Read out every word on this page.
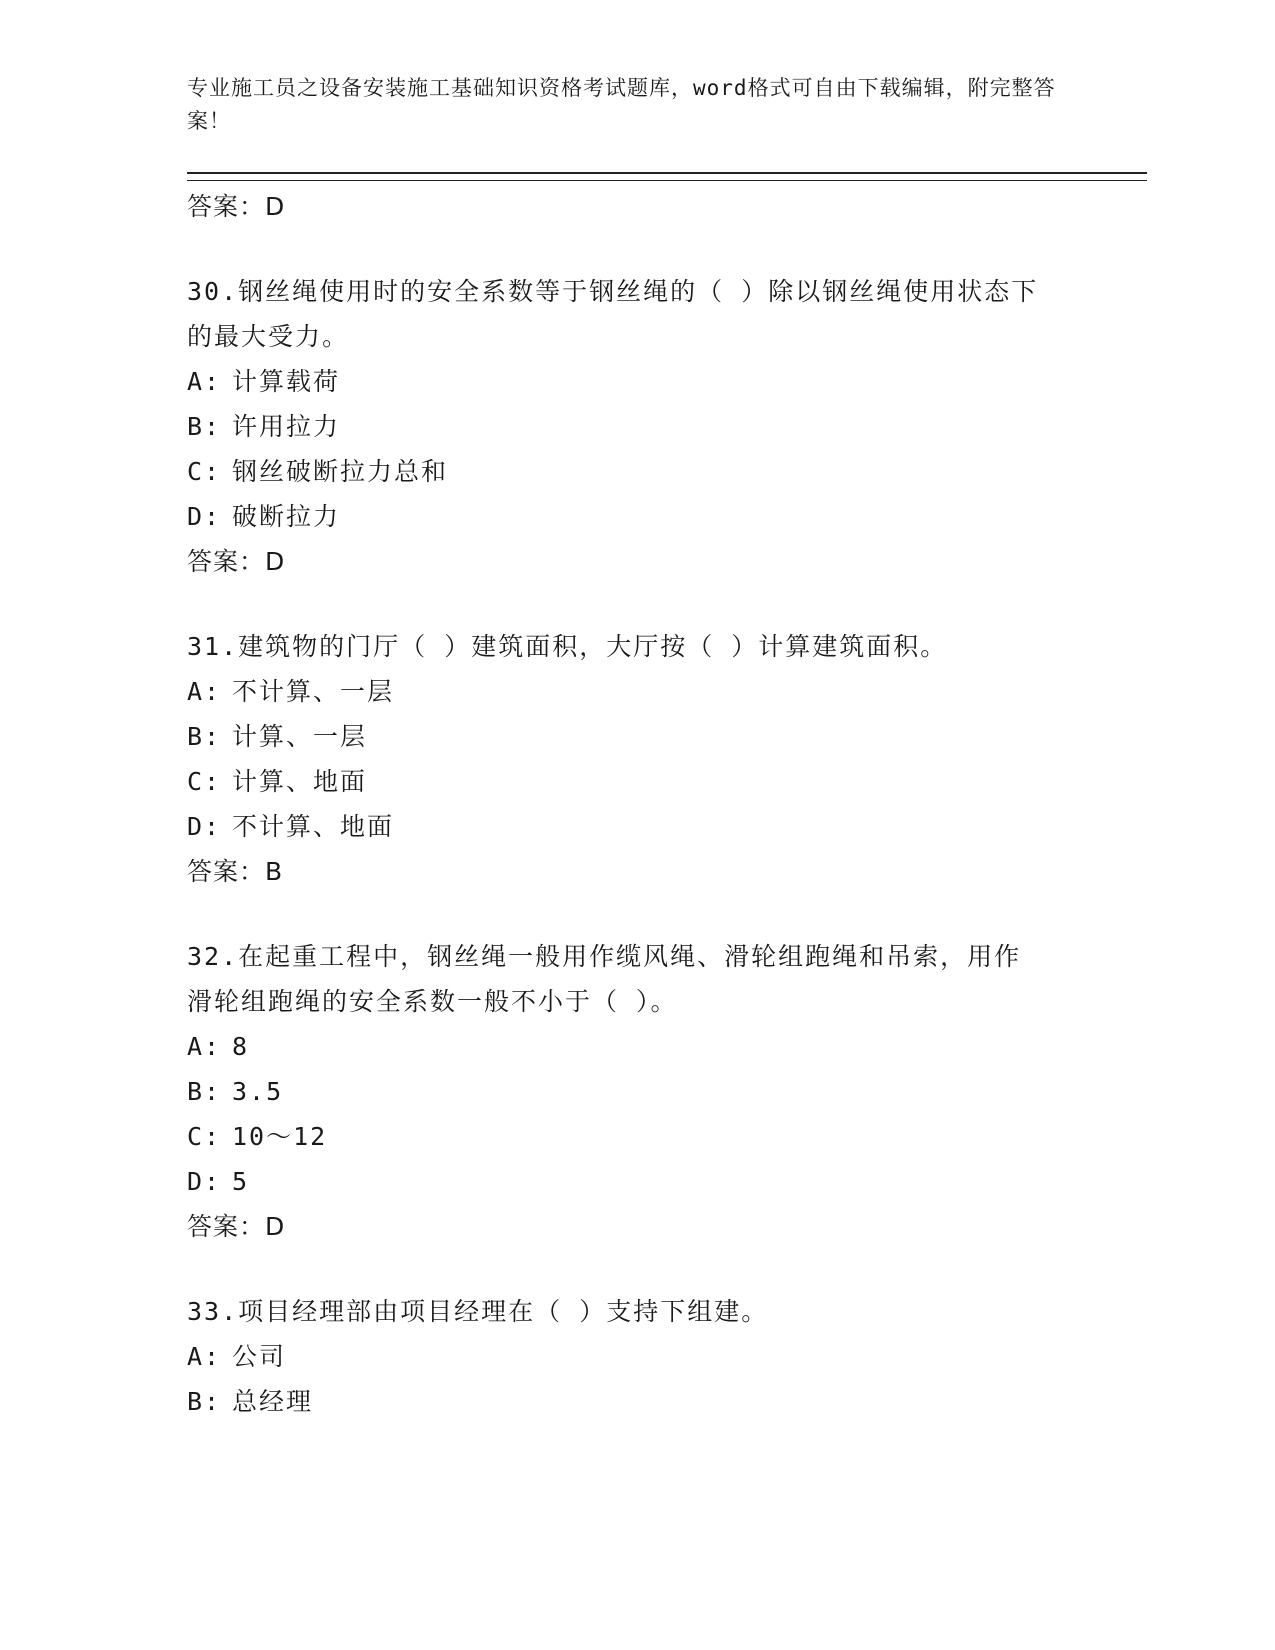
专业施工员之设备安装施工基础知识资格考试题库，word格式可自由下载编辑，附完整答案！
答案：D
30.钢丝绳使用时的安全系数等于钢丝绳的（ ）除以钢丝绳使用状态下的最大受力。
A: 计算载荷
B: 许用拉力
C: 钢丝破断拉力总和
D: 破断拉力
答案：D
31.建筑物的门厅（ ）建筑面积，大厅按（ ）计算建筑面积。
A: 不计算、一层
B: 计算、一层
C: 计算、地面
D: 不计算、地面
答案：B
32.在起重工程中，钢丝绳一般用作缆风绳、滑轮组跑绳和吊索，用作滑轮组跑绳的安全系数一般不小于（ ）。
A: 8
B: 3.5
C: 10～12
D: 5
答案：D
33.项目经理部由项目经理在（ ）支持下组建。
A: 公司
B: 总经理
